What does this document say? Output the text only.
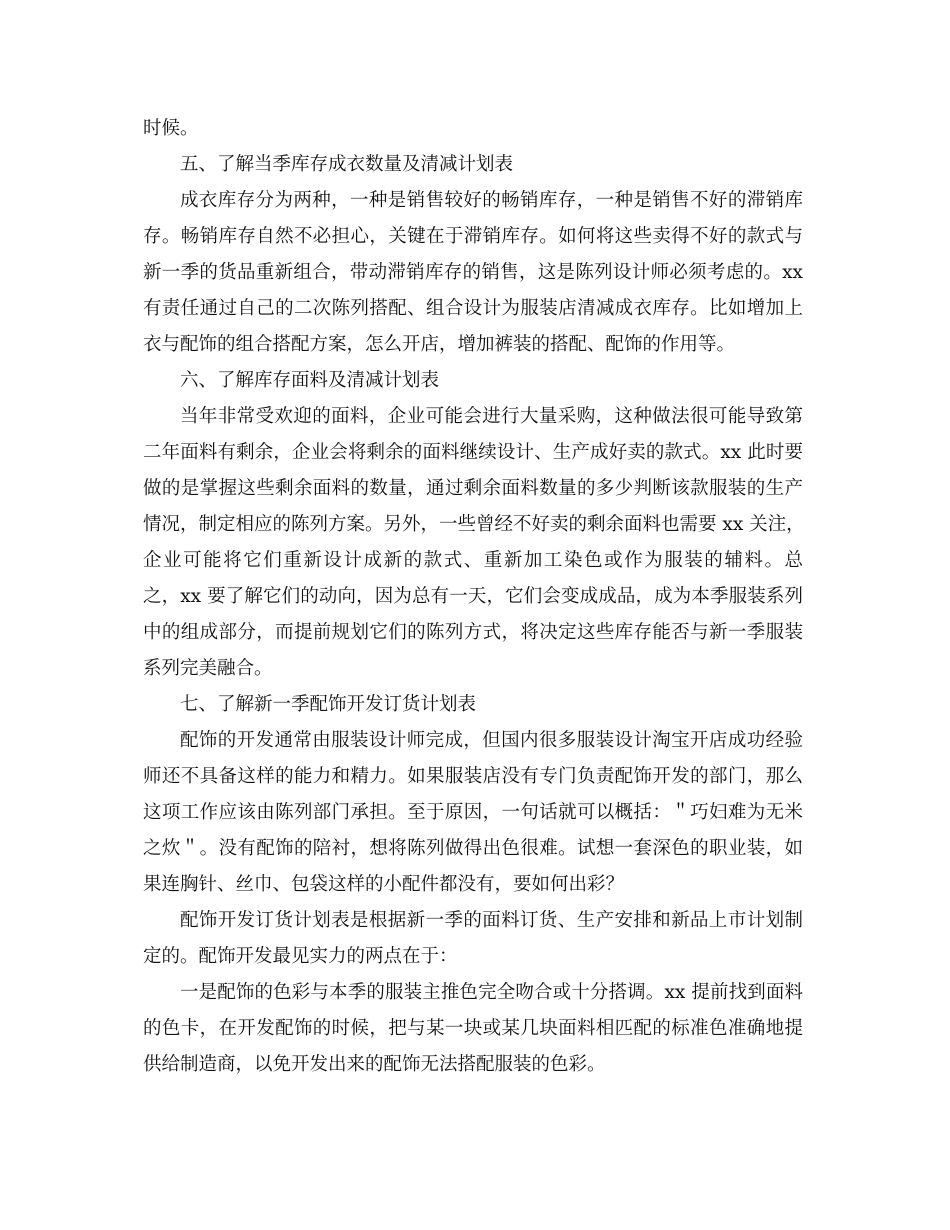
时候。
五、了解当季库存成衣数量及清减计划表
成衣库存分为两种，一种是销售较好的畅销库存，一种是销售不好的滞销库
存。畅销库存自然不必担心，关键在于滞销库存。如何将这些卖得不好的款式与
新一季的货品重新组合，带动滞销库存的销售，这是陈列设计师必须考虑的。xx
有责任通过自己的二次陈列搭配、组合设计为服装店清减成衣库存。比如增加上
衣与配饰的组合搭配方案，怎么开店，增加裤装的搭配、配饰的作用等。
六、了解库存面料及清减计划表
当年非常受欢迎的面料，企业可能会进行大量采购，这种做法很可能导致第
二年面料有剩余，企业会将剩余的面料继续设计、生产成好卖的款式。xx 此时要
做的是掌握这些剩余面料的数量，通过剩余面料数量的多少判断该款服装的生产
情况，制定相应的陈列方案。另外，一些曾经不好卖的剩余面料也需要 xx 关注，
企业可能将它们重新设计成新的款式、重新加工染色或作为服装的辅料。总
之，xx 要了解它们的动向，因为总有一天，它们会变成成品，成为本季服装系列
中的组成部分，而提前规划它们的陈列方式，将决定这些库存能否与新一季服装
系列完美融合。
七、了解新一季配饰开发订货计划表
配饰的开发通常由服装设计师完成，但国内很多服装设计淘宝开店成功经验
师还不具备这样的能力和精力。如果服装店没有专门负责配饰开发的部门，那么
这项工作应该由陈列部门承担。至于原因，一句话就可以概括：＂巧妇难为无米
之炊＂。没有配饰的陪衬，想将陈列做得出色很难。试想一套深色的职业装，如
果连胸针、丝巾、包袋这样的小配件都没有，要如何出彩？
配饰开发订货计划表是根据新一季的面料订货、生产安排和新品上市计划制
定的。配饰开发最见实力的两点在于：
一是配饰的色彩与本季的服装主推色完全吻合或十分搭调。xx 提前找到面料
的色卡，在开发配饰的时候，把与某一块或某几块面料相匹配的标准色准确地提
供给制造商，以免开发出来的配饰无法搭配服装的色彩。
